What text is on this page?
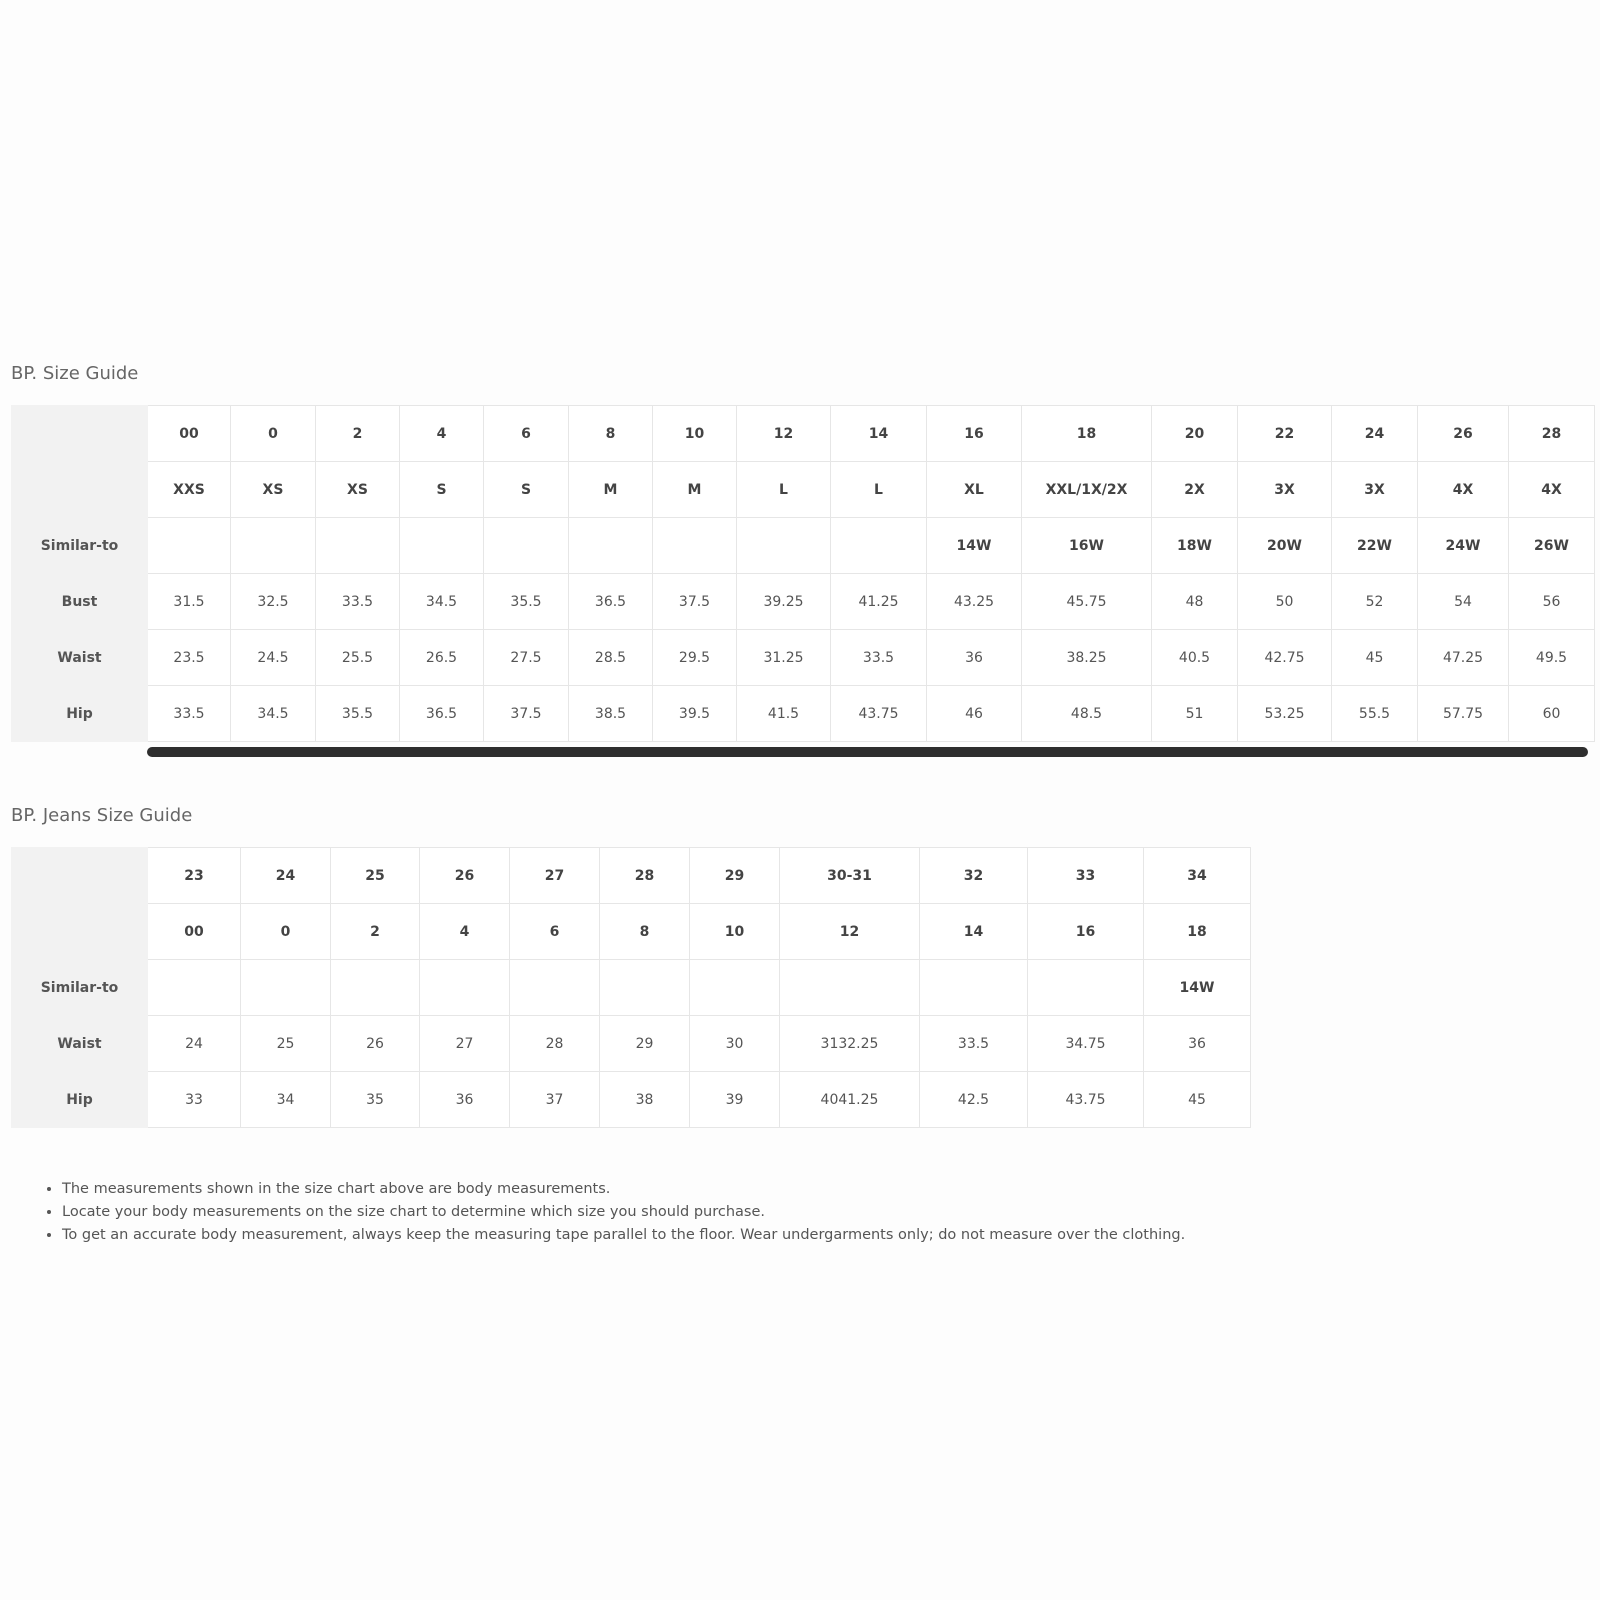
BP. Size Guide
	00	0	2	4	6	8	10	12	14	16	18	20	22	24	26	28
	XXS	XS	XS	S	S	M	M	L	L	XL	XXL/1X/2X	2X	3X	3X	4X	4X
Similar-to										14W	16W	18W	20W	22W	24W	26W
Bust	31.5	32.5	33.5	34.5	35.5	36.5	37.5	39.25	41.25	43.25	45.75	48	50	52	54	56
Waist	23.5	24.5	25.5	26.5	27.5	28.5	29.5	31.25	33.5	36	38.25	40.5	42.75	45	47.25	49.5
Hip	33.5	34.5	35.5	36.5	37.5	38.5	39.5	41.5	43.75	46	48.5	51	53.25	55.5	57.75	60
BP. Jeans Size Guide
	23	24	25	26	27	28	29	30-31	32	33	34
	00	0	2	4	6	8	10	12	14	16	18
Similar-to											14W
Waist	24	25	26	27	28	29	30	3132.25	33.5	34.75	36
Hip	33	34	35	36	37	38	39	4041.25	42.5	43.75	45
• The measurements shown in the size chart above are body measurements.
• Locate your body measurements on the size chart to determine which size you should purchase.
• To get an accurate body measurement, always keep the measuring tape parallel to the floor. Wear undergarments only; do not measure over the clothing.
